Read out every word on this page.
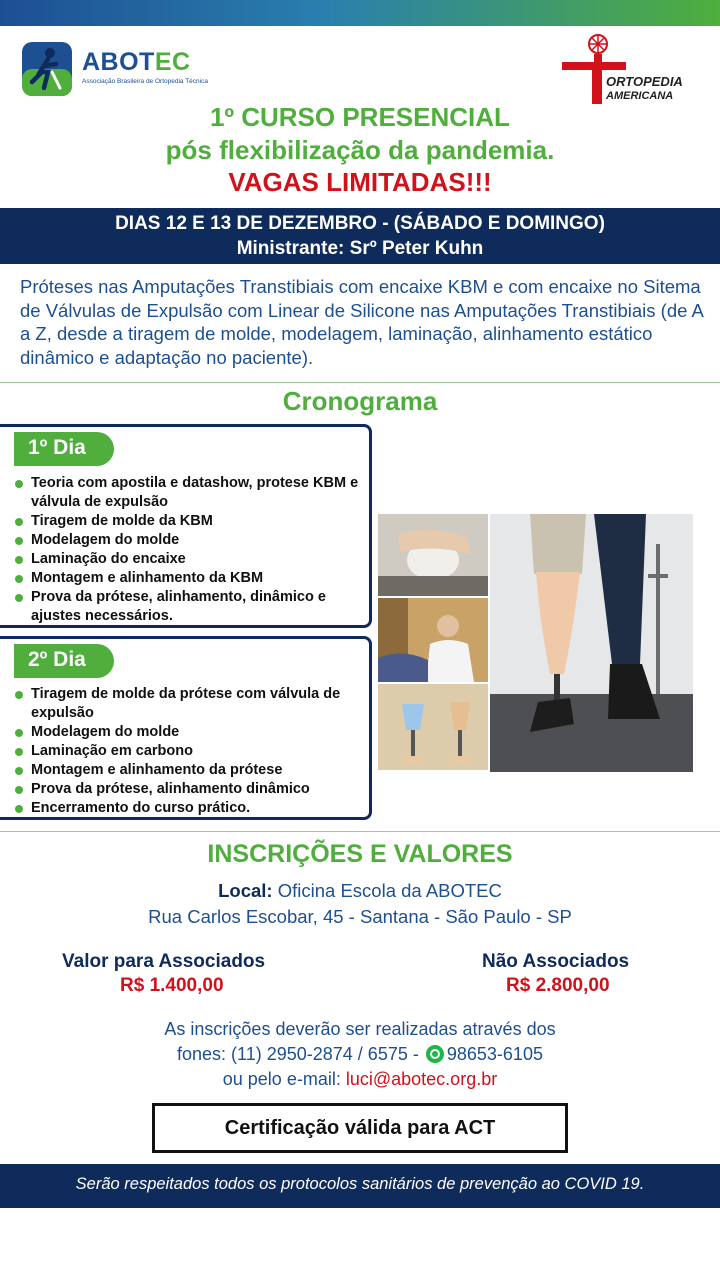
ABOTEC
Associação Brasileira de Ortopedia Técnica	ORTOPEDIA
AMERICANA
1º CURSO PRESENCIAL
pós flexibilização da pandemia.
VAGAS LIMITADAS!!!
DIAS 12 E 13 DE DEZEMBRO - (SÁBADO E DOMINGO)
Ministrante: Srº Peter Kuhn
Próteses nas Amputações Transtibiais com encaixe KBM e com encaixe no Sitema de Válvulas de Expulsão com Linear de Silicone nas Amputações Transtibiais (de A a Z, desde a tiragem de molde, modelagem, laminação, alinhamento estático dinâmico e adaptação no paciente).
Cronograma
1º Dia
Teoria com apostila e datashow, protese KBM e válvula de expulsão
Tiragem de molde da KBM
Modelagem do molde
Laminação do encaixe
Montagem e alinhamento da KBM
Prova da prótese, alinhamento, dinâmico e ajustes necessários.
2º Dia
Tiragem de molde da prótese com válvula de expulsão
Modelagem do molde
Laminação em carbono
Montagem e alinhamento da prótese
Prova da prótese, alinhamento dinâmico
Encerramento do curso prático.
INSCRIÇÕES E VALORES
Local: Oficina Escola da ABOTEC
Rua Carlos Escobar, 45 - Santana - São Paulo - SP
Valor para Associados
R$ 1.400,00
Não Associados
R$ 2.800,00
As inscrições deverão ser realizadas através dos
fones: (11) 2950-2874 / 6575 - 98653-6105
ou pelo e-mail: luci@abotec.org.br
Certificação válida para ACT
Serão respeitados todos os protocolos sanitários de prevenção ao COVID 19.
